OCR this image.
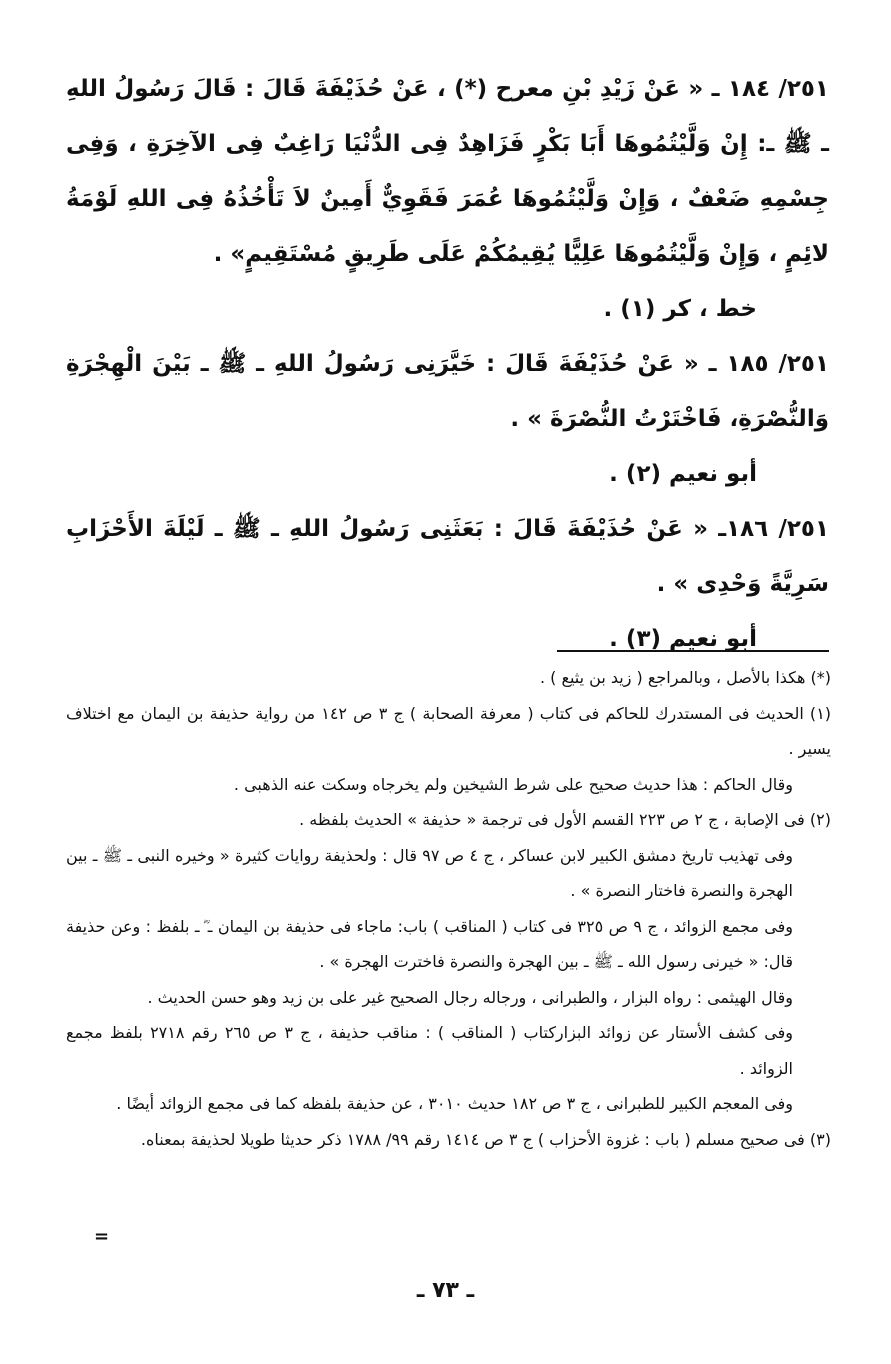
٢٥١/ ١٨٤ ـ « عَنْ زَيْدِ بْنِ معرح (*) ، عَنْ حُذَيْفَةَ قَالَ : قَالَ رَسُولُ اللهِ ـ ﷺ ـ: إِنْ وَلَّيْتُمُوهَا أَبَا بَكْرٍ فَزَاهِدٌ فِى الدُّنْيَا رَاغِبٌ فِى الآخِرَةِ ، وَفِى جِسْمِهِ ضَعْفٌ ، وَإِنْ وَلَّيْتُمُوهَا عُمَرَ فَقَوِيٌّ أَمِينٌ لاَ تَأْخُذُهُ فِى اللهِ لَوْمَةُ لائِمٍ ، وَإِنْ وَلَّيْتُمُوهَا عَلِيًّا يُقِيمُكُمْ عَلَى طَرِيقٍ مُسْتَقِيمٍ» .

خط ، كر (١) .

٢٥١/ ١٨٥ ـ « عَنْ حُذَيْفَةَ قَالَ : خَيَّرَنِى رَسُولُ اللهِ ـ ﷺ ـ بَيْنَ الْهِجْرَةِ وَالنُّصْرَةِ، فَاخْتَرْتُ النُّصْرَةَ » .

أبو نعيم (٢) .

٢٥١/ ١٨٦ـ « عَنْ حُذَيْفَةَ قَالَ : بَعَثَنِى رَسُولُ اللهِ ـ ﷺ ـ لَيْلَةَ الأَحْزَابِ سَرِيَّةً وَحْدِى » .

أبو نعيم (٣) .

(*) هكذا بالأصل ، وبالمراجع ( زيد بن يثيع ) .

(١) الحديث فى المستدرك للحاكم فى كتاب ( معرفة الصحابة ) ج ٣ ص ١٤٢ من رواية حذيفة بن اليمان مع اختلاف يسير .

وقال الحاكم : هذا حديث صحيح على شرط الشيخين ولم يخرجاه وسكت عنه الذهبى .

(٢) فى الإصابة ، ج ٢ ص ٢٢٣ القسم الأول فى ترجمة « حذيفة » الحديث بلفظه .

وفى تهذيب تاريخ دمشق الكبير لابن عساكر ، ج ٤ ص ٩٧ قال : ولحذيفة روايات كثيرة « وخيره النبى ـ ﷺ ـ بين الهجرة والنصرة فاختار النصرة » .

وفى مجمع الزوائد ، ج ٩ ص ٣٢٥ فى كتاب ( المناقب ) باب: ماجاء فى حذيفة بن اليمان ـ ؓ ـ بلفظ : وعن حذيفة قال: « خيرنى رسول الله ـ ﷺ ـ بين الهجرة والنصرة فاخترت الهجرة » .

وقال الهيثمى : رواه البزار ، والطبرانى ، ورجاله رجال الصحيح غير على بن زيد وهو حسن الحديث .

وفى كشف الأستار عن زوائد البزاركتاب ( المناقب ) : مناقب حذيفة ، ج ٣ ص ٢٦٥ رقم ٢٧١٨ بلفظ مجمع الزوائد .

وفى المعجم الكبير للطبرانى ، ج ٣ ص ١٨٢ حديث ٣٠١٠ ، عن حذيفة بلفظه كما فى مجمع الزوائد أيضًا .

(٣) فى صحيح مسلم ( باب : غزوة الأحزاب ) ج ٣ ص ١٤١٤ رقم ٩٩/ ١٧٨٨ ذكر حديثا طويلا لحذيفة بمعناه.

=
ـ ٧٣ ـ
